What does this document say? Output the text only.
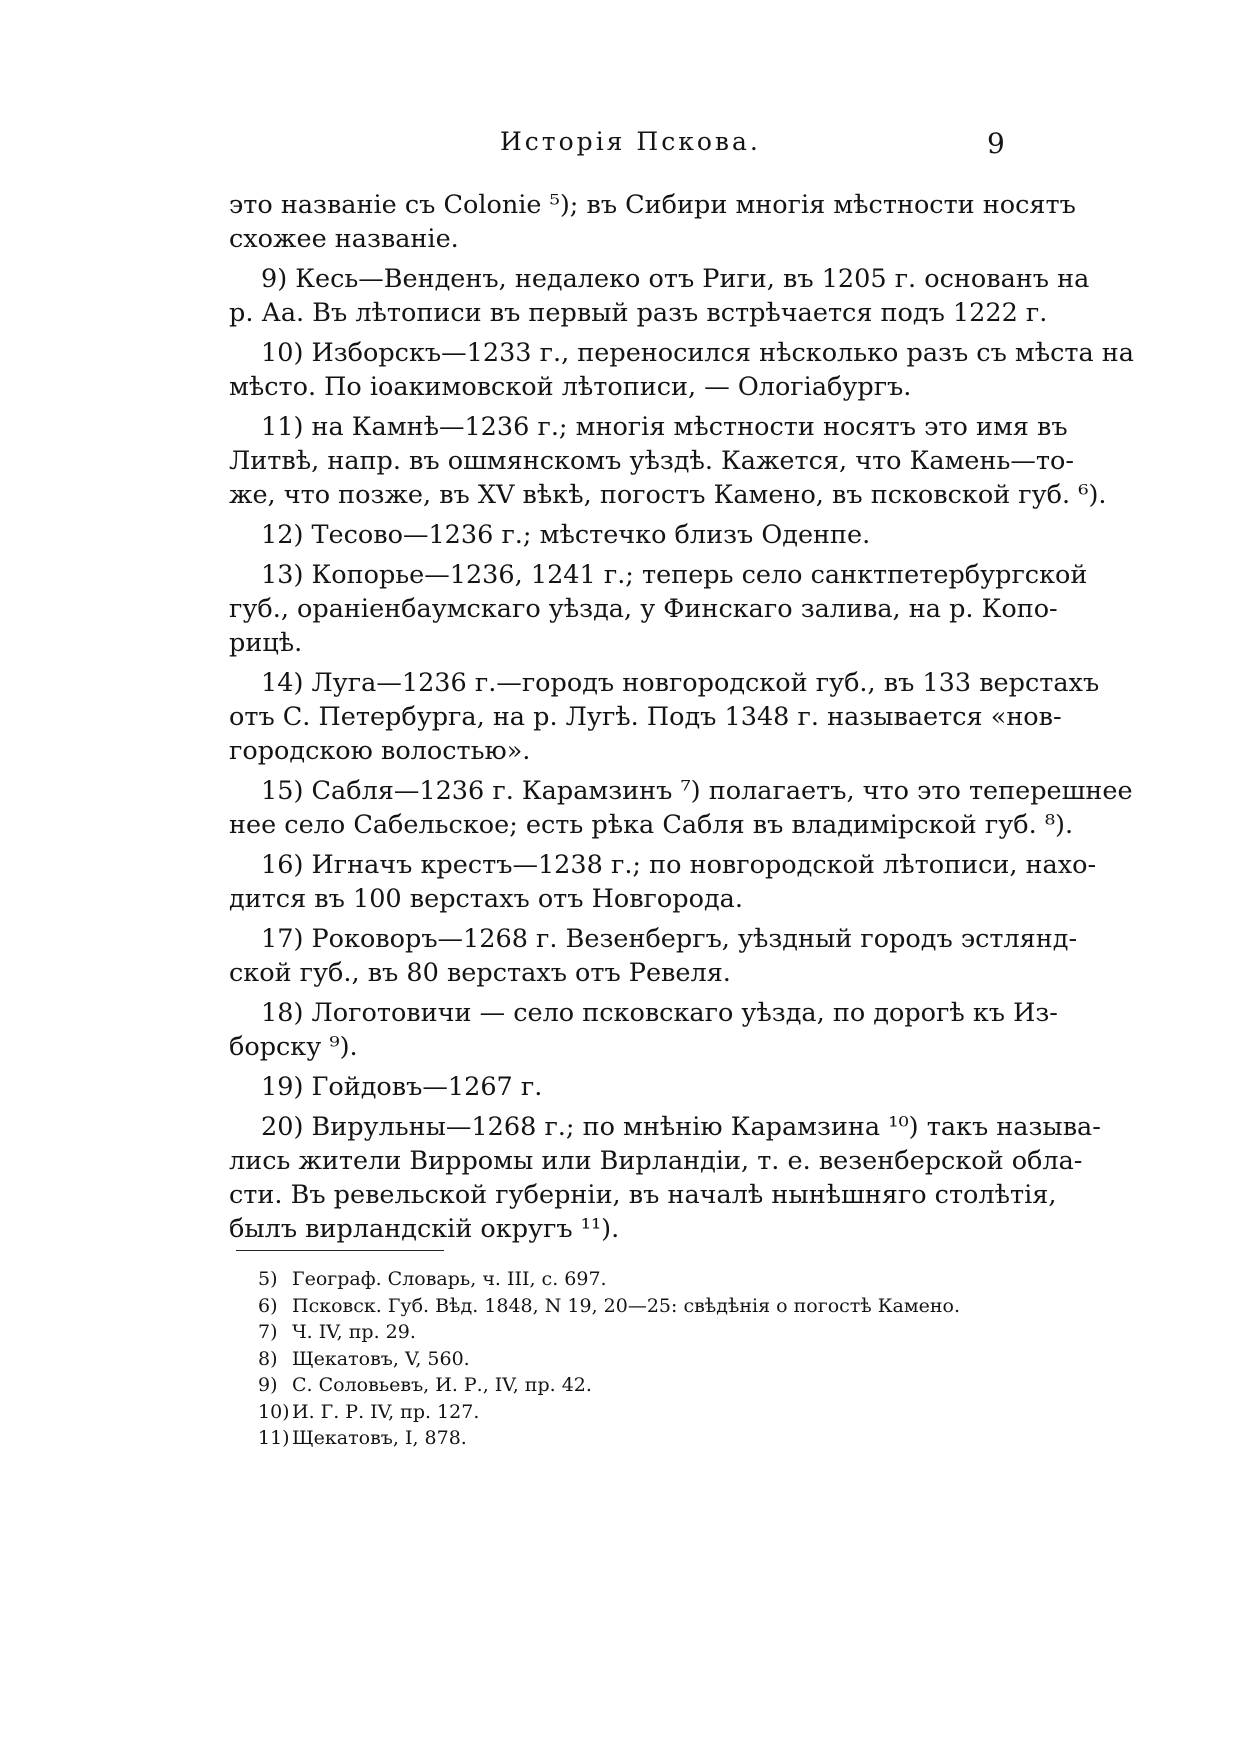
Исторія Пскова.	9
это названіе съ Colonie ⁵); въ Сибири многія мѣстности носятъ
схожее названіе.
9) Кесь—Венденъ, недалеко отъ Риги, въ 1205 г. основанъ на
р. Аа. Въ лѣтописи въ первый разъ встрѣчается подъ 1222 г.
10) Изборскъ—1233 г., переносился нѣсколько разъ съ мѣста на
мѣсто. По іоакимовской лѣтописи, — Ологіабургъ.
11) на Камнѣ—1236 г.; многія мѣстности носятъ это имя въ
Литвѣ, напр. въ ошмянскомъ уѣздѣ. Кажется, что Камень—то-
же, что позже, въ XV вѣкѣ, погостъ Камено, въ псковской губ. ⁶).
12) Тесово—1236 г.; мѣстечко близъ Оденпе.
13) Копорье—1236, 1241 г.; теперь село санктпетербургской
губ., ораніенбаумскаго уѣзда, у Финскаго залива, на р. Копо-
рицѣ.
14) Луга—1236 г.—городъ новгородской губ., въ 133 верстахъ
отъ С. Петербурга, на р. Лугѣ. Подъ 1348 г. называется «нов-
городскою волостью».
15) Сабля—1236 г. Карамзинъ ⁷) полагаетъ, что это теперешнее
нее село Сабельское; есть рѣка Сабля въ владимірской губ. ⁸).
16) Игначъ крестъ—1238 г.; по новгородской лѣтописи, нахо-
дится въ 100 верстахъ отъ Новгорода.
17) Роковоръ—1268 г. Везенбергъ, уѣздный городъ эстлянд-
ской губ., въ 80 верстахъ отъ Ревеля.
18) Логотовичи — село псковскаго уѣзда, по дорогѣ къ Из-
борску ⁹).
19) Гойдовъ—1267 г.
20) Вирульны—1268 г.; по мнѣнію Карамзина ¹⁰) такъ называ-
лись жители Вирромы или Вирландіи, т. е. везенберской обла-
сти. Въ ревельской губерніи, въ началѣ нынѣшняго столѣтія,
былъ вирландскій округъ ¹¹).
5) Географ. Словарь, ч. III, с. 697.
6) Псковск. Губ. Вѣд. 1848, N 19, 20—25: свѣдѣнія о погостѣ Камено.
7) Ч. IV, пр. 29.
8) Щекатовъ, V, 560.
9) С. Соловьевъ, И. Р., IV, пр. 42.
10) И. Г. Р. IV, пр. 127.
11) Щекатовъ, I, 878.
